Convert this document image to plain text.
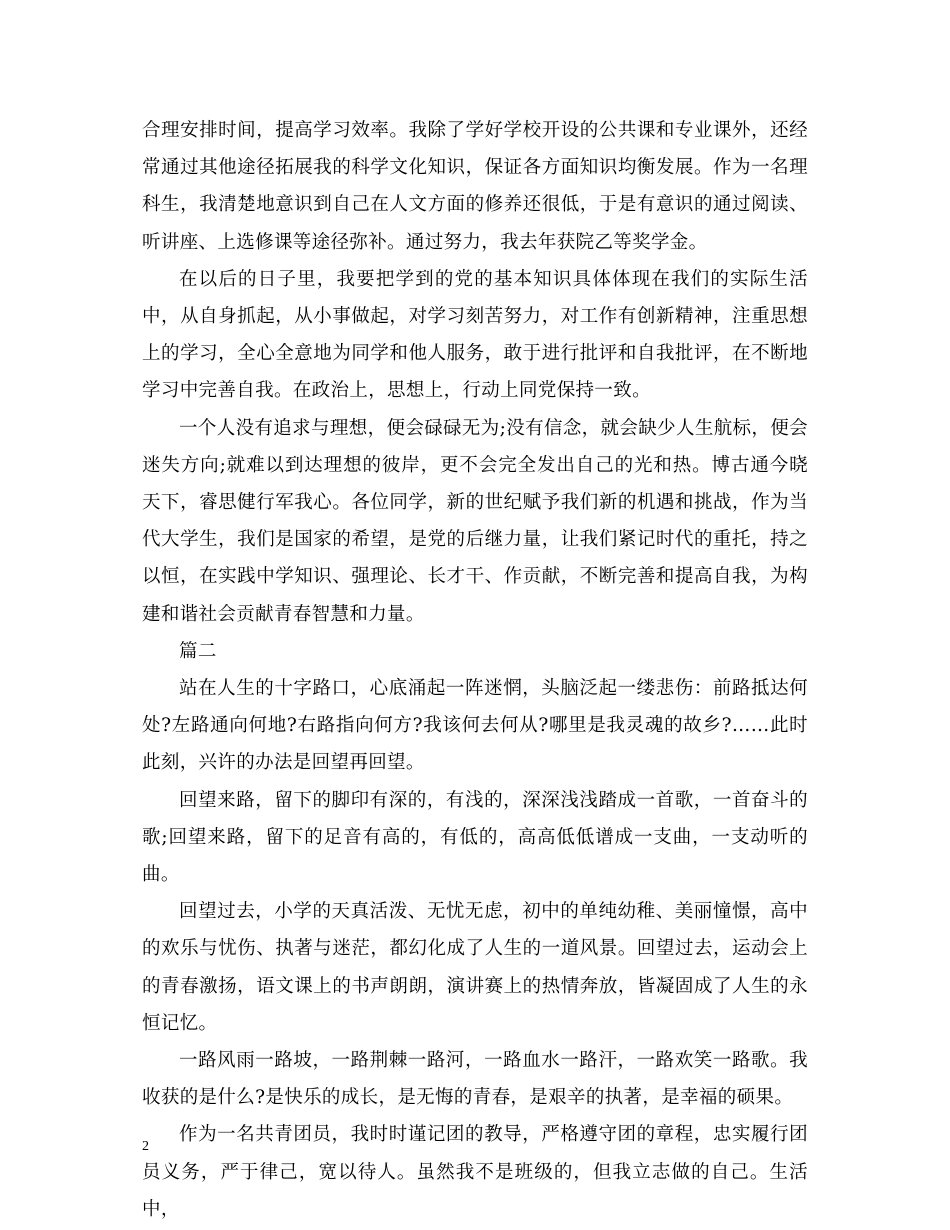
合理安排时间，提高学习效率。我除了学好学校开设的公共课和专业课外，还经常通过其他途径拓展我的科学文化知识，保证各方面知识均衡发展。作为一名理科生，我清楚地意识到自己在人文方面的修养还很低，于是有意识的通过阅读、听讲座、上选修课等途径弥补。通过努力，我去年获院乙等奖学金。

在以后的日子里，我要把学到的党的基本知识具体体现在我们的实际生活中，从自身抓起，从小事做起，对学习刻苦努力，对工作有创新精神，注重思想上的学习，全心全意地为同学和他人服务，敢于进行批评和自我批评，在不断地学习中完善自我。在政治上，思想上，行动上同党保持一致。

一个人没有追求与理想，便会碌碌无为;没有信念，就会缺少人生航标，便会迷失方向;就难以到达理想的彼岸，更不会完全发出自己的光和热。博古通今晓天下，睿思健行军我心。各位同学，新的世纪赋予我们新的机遇和挑战，作为当代大学生，我们是国家的希望，是党的后继力量，让我们紧记时代的重托，持之以恒，在实践中学知识、强理论、长才干、作贡献，不断完善和提高自我，为构建和谐社会贡献青春智慧和力量。

篇二

站在人生的十字路口，心底涌起一阵迷惘，头脑泛起一缕悲伤：前路抵达何处?左路通向何地?右路指向何方?我该何去何从?哪里是我灵魂的故乡?……此时此刻，兴许的办法是回望再回望。

回望来路，留下的脚印有深的，有浅的，深深浅浅踏成一首歌，一首奋斗的歌;回望来路，留下的足音有高的，有低的，高高低低谱成一支曲，一支动听的曲。

回望过去，小学的天真活泼、无忧无虑，初中的单纯幼稚、美丽憧憬，高中的欢乐与忧伤、执著与迷茫，都幻化成了人生的一道风景。回望过去，运动会上的青春激扬，语文课上的书声朗朗，演讲赛上的热情奔放，皆凝固成了人生的永恒记忆。

一路风雨一路坡，一路荆棘一路河，一路血水一路汗，一路欢笑一路歌。我收获的是什么?是快乐的成长，是无悔的青春，是艰辛的执著，是幸福的硕果。

作为一名共青团员，我时时谨记团的教导，严格遵守团的章程，忠实履行团员义务，严于律己，宽以待人。虽然我不是班级的，但我立志做的自己。生活中，

2
